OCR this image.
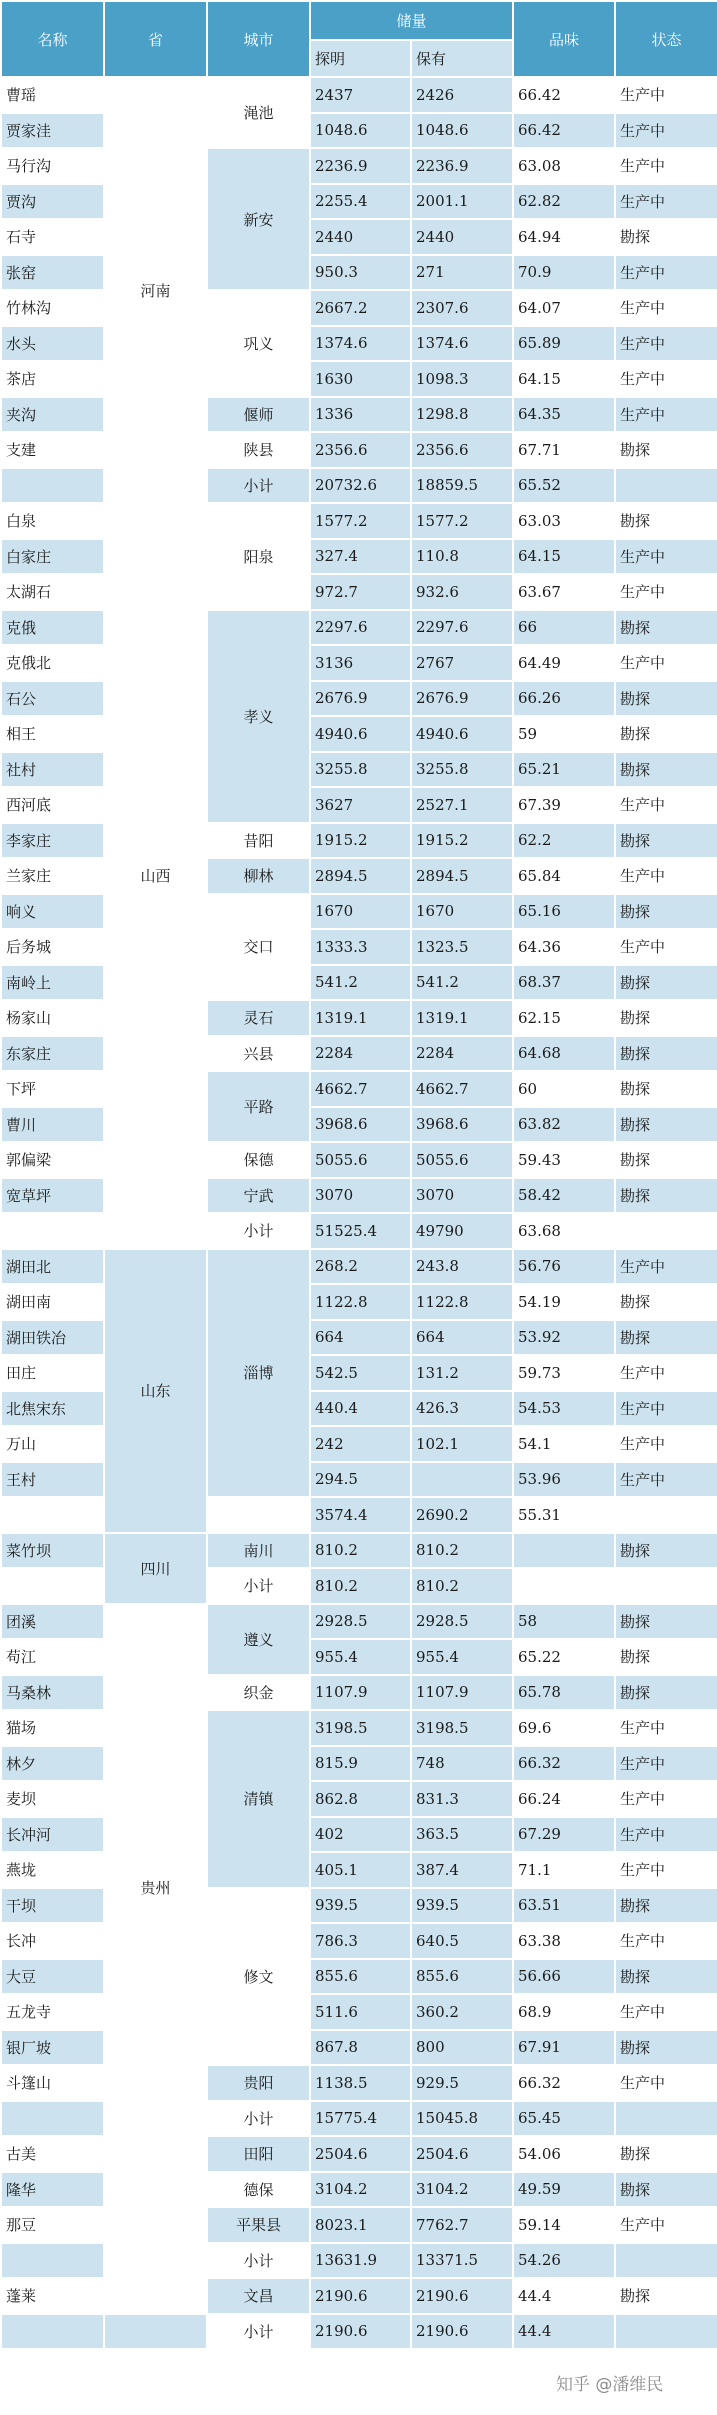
名称	省	城市	储量		品味	状态
			探明	保有		
曹瑶	河南	渑池	2437	2426	66.42	生产中
贾家洼			1048.6	1048.6	66.42	生产中
马行沟		新安	2236.9	2236.9	63.08	生产中
贾沟			2255.4	2001.1	62.82	生产中
石寺			2440	2440	64.94	勘探
张窑			950.3	271	70.9	生产中
竹林沟		巩义	2667.2	2307.6	64.07	生产中
水头			1374.6	1374.6	65.89	生产中
茶店			1630	1098.3	64.15	生产中
夹沟		偃师	1336	1298.8	64.35	生产中
支建		陕县	2356.6	2356.6	67.71	勘探
		小计	20732.6	18859.5	65.52	
白泉	山西	阳泉	1577.2	1577.2	63.03	勘探
白家庄			327.4	110.8	64.15	生产中
太湖石			972.7	932.6	63.67	生产中
克俄		孝义	2297.6	2297.6	66	勘探
克俄北			3136	2767	64.49	生产中
石公			2676.9	2676.9	66.26	勘探
相王			4940.6	4940.6	59	勘探
社村			3255.8	3255.8	65.21	勘探
西河底			3627	2527.1	67.39	生产中
李家庄		昔阳	1915.2	1915.2	62.2	勘探
兰家庄		柳林	2894.5	2894.5	65.84	生产中
响义		交口	1670	1670	65.16	勘探
后务城			1333.3	1323.5	64.36	生产中
南岭上			541.2	541.2	68.37	勘探
杨家山		灵石	1319.1	1319.1	62.15	勘探
东家庄		兴县	2284	2284	64.68	勘探
下坪		平路	4662.7	4662.7	60	勘探
曹川			3968.6	3968.6	63.82	勘探
郭偏梁		保德	5055.6	5055.6	59.43	勘探
宽草坪		宁武	3070	3070	58.42	勘探
		小计	51525.4	49790	63.68	
湖田北	山东	淄博	268.2	243.8	56.76	生产中
湖田南			1122.8	1122.8	54.19	勘探
湖田铁冶			664	664	53.92	勘探
田庄			542.5	131.2	59.73	生产中
北焦宋东			440.4	426.3	54.53	生产中
万山			242	102.1	54.1	生产中
王村			294.5		53.96	生产中
			3574.4	2690.2	55.31	
菜竹坝	四川	南川	810.2	810.2		勘探
		小计	810.2	810.2		
团溪	贵州	遵义	2928.5	2928.5	58	勘探
苟江			955.4	955.4	65.22	勘探
马桑林		织金	1107.9	1107.9	65.78	勘探
猫场		清镇	3198.5	3198.5	69.6	生产中
林夕			815.9	748	66.32	生产中
麦坝			862.8	831.3	66.24	生产中
长冲河			402	363.5	67.29	生产中
燕垅			405.1	387.4	71.1	生产中
干坝		修文	939.5	939.5	63.51	勘探
长冲			786.3	640.5	63.38	生产中
大豆			855.6	855.6	56.66	勘探
五龙寺			511.6	360.2	68.9	生产中
银厂坡			867.8	800	67.91	勘探
斗篷山		贵阳	1138.5	929.5	66.32	生产中
		小计	15775.4	15045.8	65.45	
古美		田阳	2504.6	2504.6	54.06	勘探
隆华		德保	3104.2	3104.2	49.59	勘探
那豆		平果县	8023.1	7762.7	59.14	生产中
		小计	13631.9	13371.5	54.26	
蓬莱		文昌	2190.6	2190.6	44.4	勘探
		小计	2190.6	2190.6	44.4	
知乎 @潘维民
